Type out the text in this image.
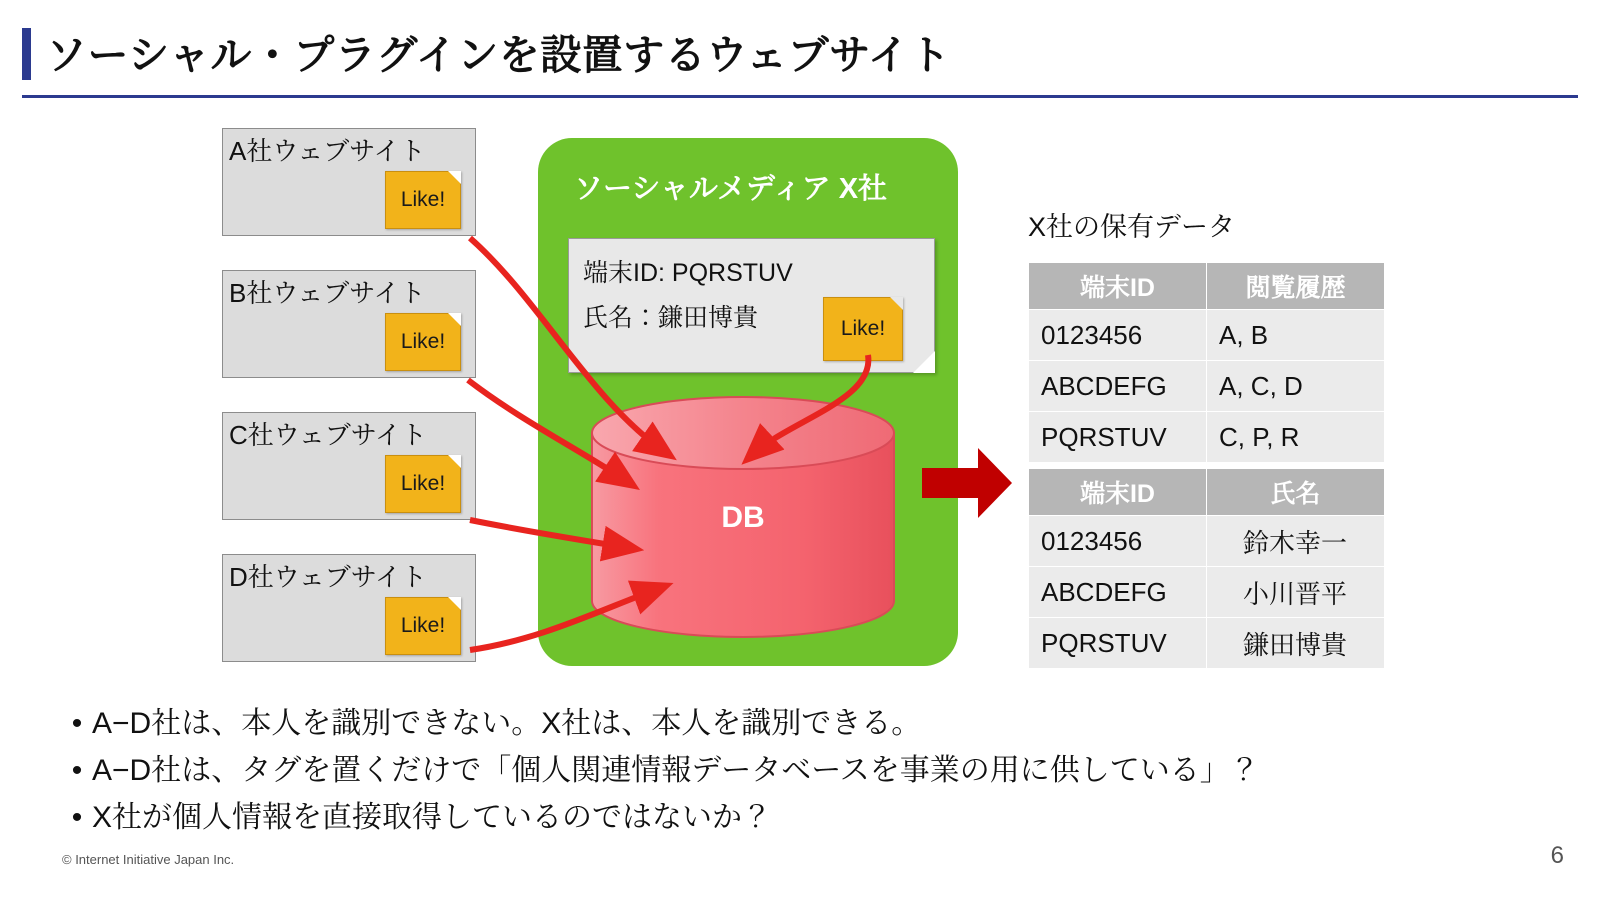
ソーシャル・プラグインを設置するウェブサイト
A社ウェブサイト
Like!
B社ウェブサイト
Like!
C社ウェブサイト
Like!
D社ウェブサイト
Like!
ソーシャルメディア X社
端末ID: PQRSTUV
氏名：鎌田博貴	Like!
DB
X社の保有データ
端末ID	閲覧履歴
0123456	A, B
ABCDEFG	A, C, D
PQRSTUV	C, P, R
端末ID	氏名
0123456	鈴木幸一
ABCDEFG	小川晋平
PQRSTUV	鎌田博貴
• A−D社は、本人を識別できない。X社は、本人を識別できる。
• A−D社は、タグを置くだけで「個人関連情報データベースを事業の用に供している」？
• X社が個人情報を直接取得しているのではないか？
© Internet Initiative Japan Inc.	6
